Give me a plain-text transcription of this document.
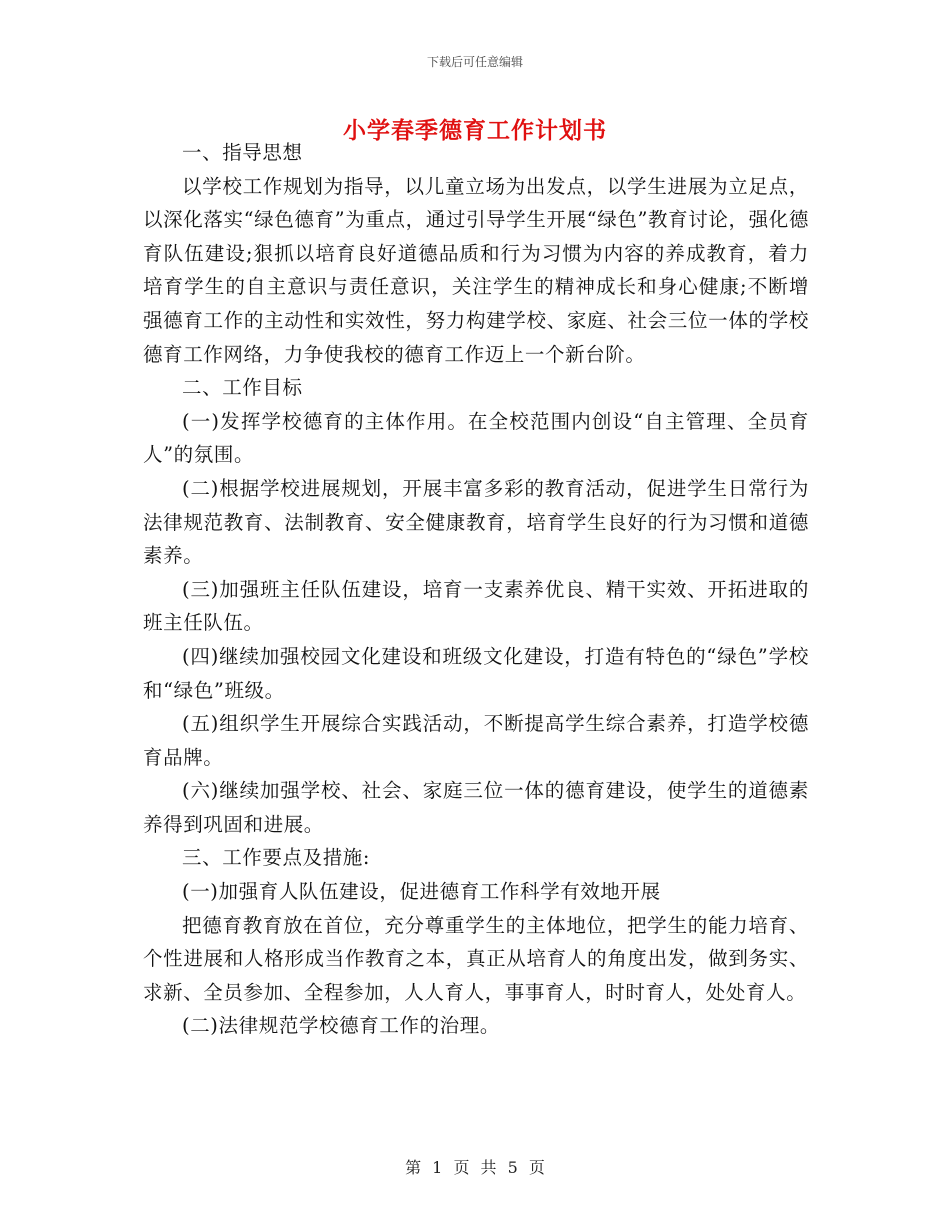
下载后可任意编辑
小学春季德育工作计划书

一、指导思想

以学校工作规划为指导，以儿童立场为出发点，以学生进展为立足点，以深化落实“绿色德育”为重点，通过引导学生开展“绿色”教育讨论，强化德育队伍建设;狠抓以培育良好道德品质和行为习惯为内容的养成教育，着力培育学生的自主意识与责任意识，关注学生的精神成长和身心健康;不断增强德育工作的主动性和实效性，努力构建学校、家庭、社会三位一体的学校德育工作网络，力争使我校的德育工作迈上一个新台阶。

二、工作目标

(一)发挥学校德育的主体作用。在全校范围内创设“自主管理、全员育人”的氛围。

(二)根据学校进展规划，开展丰富多彩的教育活动，促进学生日常行为法律规范教育、法制教育、安全健康教育，培育学生良好的行为习惯和道德素养。

(三)加强班主任队伍建设，培育一支素养优良、精干实效、开拓进取的班主任队伍。

(四)继续加强校园文化建设和班级文化建设，打造有特色的“绿色”学校和“绿色”班级。

(五)组织学生开展综合实践活动，不断提高学生综合素养，打造学校德育品牌。

(六)继续加强学校、社会、家庭三位一体的德育建设，使学生的道德素养得到巩固和进展。

三、工作要点及措施:

(一)加强育人队伍建设，促进德育工作科学有效地开展

把德育教育放在首位，充分尊重学生的主体地位，把学生的能力培育、个性进展和人格形成当作教育之本，真正从培育人的角度出发，做到务实、求新、全员参加、全程参加，人人育人，事事育人，时时育人，处处育人。

(二)法律规范学校德育工作的治理。

第 1 页 共 5 页
